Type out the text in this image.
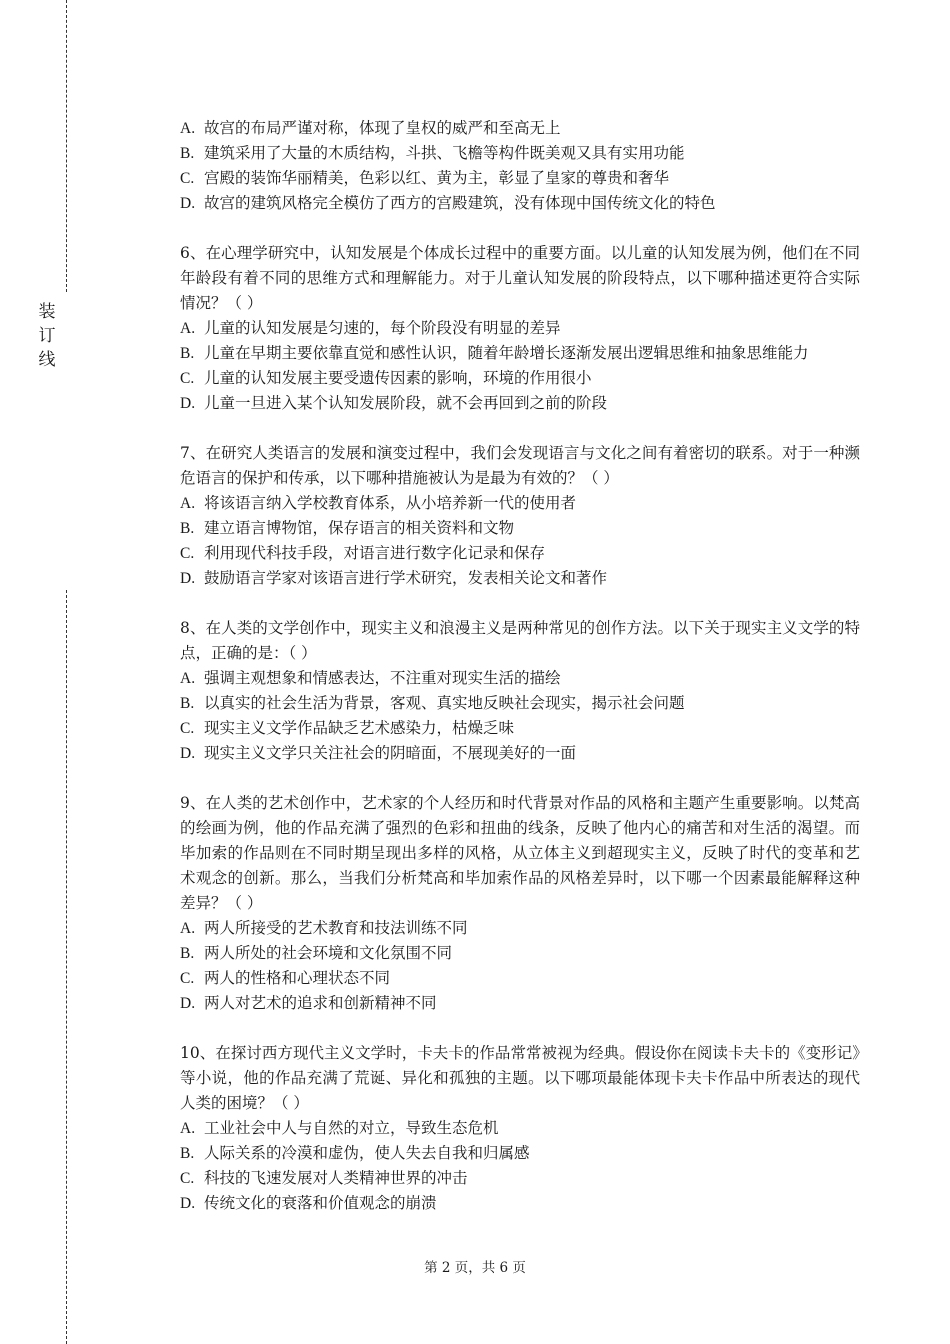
装
订
线
A. 故宫的布局严谨对称，体现了皇权的威严和至高无上
B. 建筑采用了大量的木质结构，斗拱、飞檐等构件既美观又具有实用功能
C. 宫殿的装饰华丽精美，色彩以红、黄为主，彰显了皇家的尊贵和奢华
D. 故宫的建筑风格完全模仿了西方的宫殿建筑，没有体现中国传统文化的特色
6、在心理学研究中，认知发展是个体成长过程中的重要方面。以儿童的认知发展为例，他们在不同年龄段有着不同的思维方式和理解能力。对于儿童认知发展的阶段特点，以下哪种描述更符合实际情况？（ ）
A. 儿童的认知发展是匀速的，每个阶段没有明显的差异
B. 儿童在早期主要依靠直觉和感性认识，随着年龄增长逐渐发展出逻辑思维和抽象思维能力
C. 儿童的认知发展主要受遗传因素的影响，环境的作用很小
D. 儿童一旦进入某个认知发展阶段，就不会再回到之前的阶段
7、在研究人类语言的发展和演变过程中，我们会发现语言与文化之间有着密切的联系。对于一种濒危语言的保护和传承，以下哪种措施被认为是最为有效的？（ ）
A. 将该语言纳入学校教育体系，从小培养新一代的使用者
B. 建立语言博物馆，保存语言的相关资料和文物
C. 利用现代科技手段，对语言进行数字化记录和保存
D. 鼓励语言学家对该语言进行学术研究，发表相关论文和著作
8、在人类的文学创作中，现实主义和浪漫主义是两种常见的创作方法。以下关于现实主义文学的特点，正确的是：（ ）
A. 强调主观想象和情感表达，不注重对现实生活的描绘
B. 以真实的社会生活为背景，客观、真实地反映社会现实，揭示社会问题
C. 现实主义文学作品缺乏艺术感染力，枯燥乏味
D. 现实主义文学只关注社会的阴暗面，不展现美好的一面
9、在人类的艺术创作中，艺术家的个人经历和时代背景对作品的风格和主题产生重要影响。以梵高的绘画为例，他的作品充满了强烈的色彩和扭曲的线条，反映了他内心的痛苦和对生活的渴望。而毕加索的作品则在不同时期呈现出多样的风格，从立体主义到超现实主义，反映了时代的变革和艺术观念的创新。那么，当我们分析梵高和毕加索作品的风格差异时，以下哪一个因素最能解释这种差异？（ ）
A. 两人所接受的艺术教育和技法训练不同
B. 两人所处的社会环境和文化氛围不同
C. 两人的性格和心理状态不同
D. 两人对艺术的追求和创新精神不同
10、在探讨西方现代主义文学时，卡夫卡的作品常常被视为经典。假设你在阅读卡夫卡的《变形记》等小说，他的作品充满了荒诞、异化和孤独的主题。以下哪项最能体现卡夫卡作品中所表达的现代人类的困境？（ ）
A. 工业社会中人与自然的对立，导致生态危机
B. 人际关系的冷漠和虚伪，使人失去自我和归属感
C. 科技的飞速发展对人类精神世界的冲击
D. 传统文化的衰落和价值观念的崩溃
第 2 页，共 6 页
